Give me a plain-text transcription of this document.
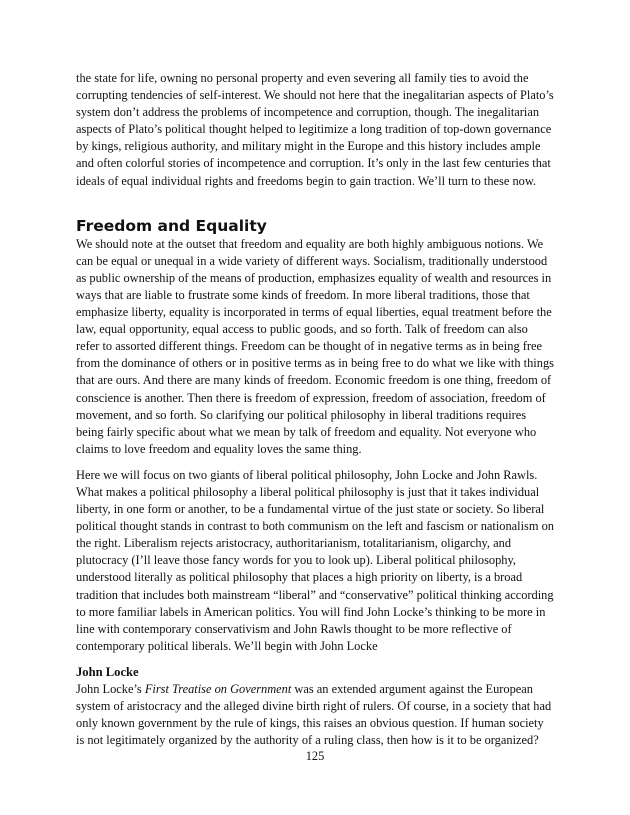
the state for life, owning no personal property and even severing all family ties to avoid the corrupting tendencies of self-interest. We should not here that the inegalitarian aspects of Plato’s system don’t address the problems of incompetence and corruption, though. The inegalitarian aspects of Plato’s political thought helped to legitimize a long tradition of top-down governance by kings, religious authority, and military might in the Europe and this history includes ample and often colorful stories of incompetence and corruption. It’s only in the last few centuries that ideals of equal individual rights and freedoms begin to gain traction. We’ll turn to these now.

Freedom and Equality

We should note at the outset that freedom and equality are both highly ambiguous notions. We can be equal or unequal in a wide variety of different ways. Socialism, traditionally understood as public ownership of the means of production, emphasizes equality of wealth and resources in ways that are liable to frustrate some kinds of freedom. In more liberal traditions, those that emphasize liberty, equality is incorporated in terms of equal liberties, equal treatment before the law, equal opportunity, equal access to public goods, and so forth. Talk of freedom can also refer to assorted different things. Freedom can be thought of in negative terms as in being free from the dominance of others or in positive terms as in being free to do what we like with things that are ours. And there are many kinds of freedom. Economic freedom is one thing, freedom of conscience is another. Then there is freedom of expression, freedom of association, freedom of movement, and so forth. So clarifying our political philosophy in liberal traditions requires being fairly specific about what we mean by talk of freedom and equality. Not everyone who claims to love freedom and equality loves the same thing.

Here we will focus on two giants of liberal political philosophy, John Locke and John Rawls. What makes a political philosophy a liberal political philosophy is just that it takes individual liberty, in one form or another, to be a fundamental virtue of the just state or society. So liberal political thought stands in contrast to both communism on the left and fascism or nationalism on the right. Liberalism rejects aristocracy, authoritarianism, totalitarianism, oligarchy, and plutocracy (I’ll leave those fancy words for you to look up). Liberal political philosophy, understood literally as political philosophy that places a high priority on liberty, is a broad tradition that includes both mainstream “liberal” and “conservative” political thinking according to more familiar labels in American politics. You will find John Locke’s thinking to be more in line with contemporary conservativism and John Rawls thought to be more reflective of contemporary political liberals. We’ll begin with John Locke

John Locke

John Locke’s First Treatise on Government was an extended argument against the European system of aristocracy and the alleged divine birth right of rulers. Of course, in a society that had only known government by the rule of kings, this raises an obvious question. If human society is not legitimately organized by the authority of a ruling class, then how is it to be organized?

125
